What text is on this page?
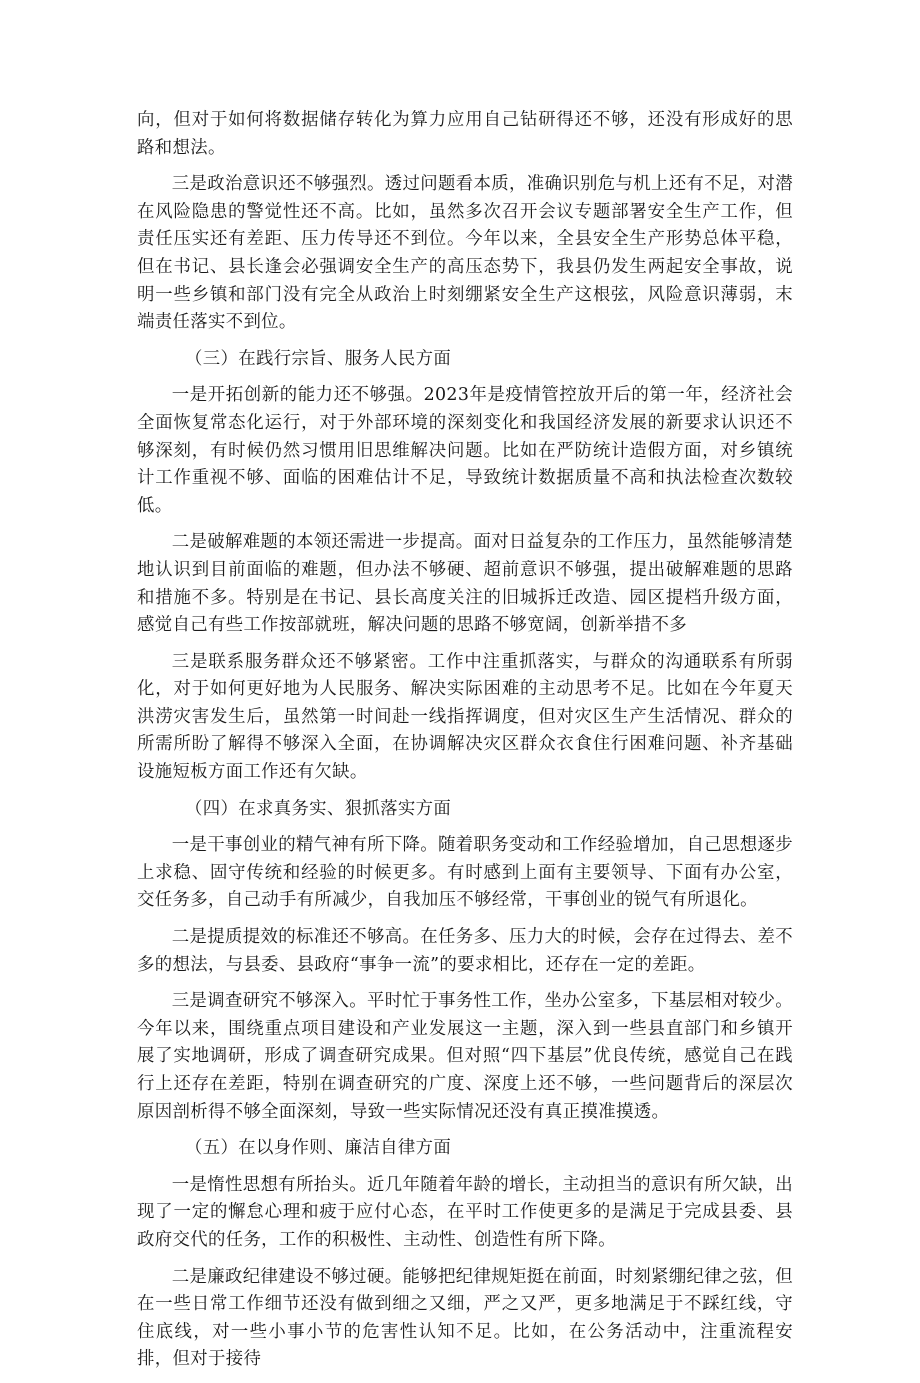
向，但对于如何将数据储存转化为算力应用自己钻研得还不够，还没有形成好的思路和想法。

三是政治意识还不够强烈。透过问题看本质，准确识别危与机上还有不足，对潜在风险隐患的警觉性还不高。比如，虽然多次召开会议专题部署安全生产工作，但责任压实还有差距、压力传导还不到位。今年以来，全县安全生产形势总体平稳，但在书记、县长逢会必强调安全生产的高压态势下，我县仍发生两起安全事故，说明一些乡镇和部门没有完全从政治上时刻绷紧安全生产这根弦，风险意识薄弱，末端责任落实不到位。

（三）在践行宗旨、服务人民方面

一是开拓创新的能力还不够强。2023年是疫情管控放开后的第一年，经济社会全面恢复常态化运行，对于外部环境的深刻变化和我国经济发展的新要求认识还不够深刻，有时候仍然习惯用旧思维解决问题。比如在严防统计造假方面，对乡镇统计工作重视不够、面临的困难估计不足，导致统计数据质量不高和执法检查次数较低。

二是破解难题的本领还需进一步提高。面对日益复杂的工作压力，虽然能够清楚地认识到目前面临的难题，但办法不够硬、超前意识不够强，提出破解难题的思路和措施不多。特别是在书记、县长高度关注的旧城拆迁改造、园区提档升级方面，感觉自己有些工作按部就班，解决问题的思路不够宽阔，创新举措不多

三是联系服务群众还不够紧密。工作中注重抓落实，与群众的沟通联系有所弱化，对于如何更好地为人民服务、解决实际困难的主动思考不足。比如在今年夏天洪涝灾害发生后，虽然第一时间赴一线指挥调度，但对灾区生产生活情况、群众的所需所盼了解得不够深入全面，在协调解决灾区群众衣食住行困难问题、补齐基础设施短板方面工作还有欠缺。

（四）在求真务实、狠抓落实方面

一是干事创业的精气神有所下降。随着职务变动和工作经验增加，自己思想逐步上求稳、固守传统和经验的时候更多。有时感到上面有主要领导、下面有办公室，交任务多，自己动手有所减少，自我加压不够经常，干事创业的锐气有所退化。

二是提质提效的标准还不够高。在任务多、压力大的时候，会存在过得去、差不多的想法，与县委、县政府“事争一流”的要求相比，还存在一定的差距。

三是调查研究不够深入。平时忙于事务性工作，坐办公室多，下基层相对较少。今年以来，围绕重点项目建设和产业发展这一主题，深入到一些县直部门和乡镇开展了实地调研，形成了调查研究成果。但对照“四下基层”优良传统，感觉自己在践行上还存在差距，特别在调查研究的广度、深度上还不够，一些问题背后的深层次原因剖析得不够全面深刻，导致一些实际情况还没有真正摸准摸透。

（五）在以身作则、廉洁自律方面

一是惰性思想有所抬头。近几年随着年龄的增长，主动担当的意识有所欠缺，出现了一定的懈怠心理和疲于应付心态，在平时工作使更多的是满足于完成县委、县政府交代的任务，工作的积极性、主动性、创造性有所下降。

二是廉政纪律建设不够过硬。能够把纪律规矩挺在前面，时刻紧绷纪律之弦，但在一些日常工作细节还没有做到细之又细，严之又严，更多地满足于不踩红线，守住底线，对一些小事小节的危害性认知不足。比如，在公务活动中，注重流程安排，但对于接待
